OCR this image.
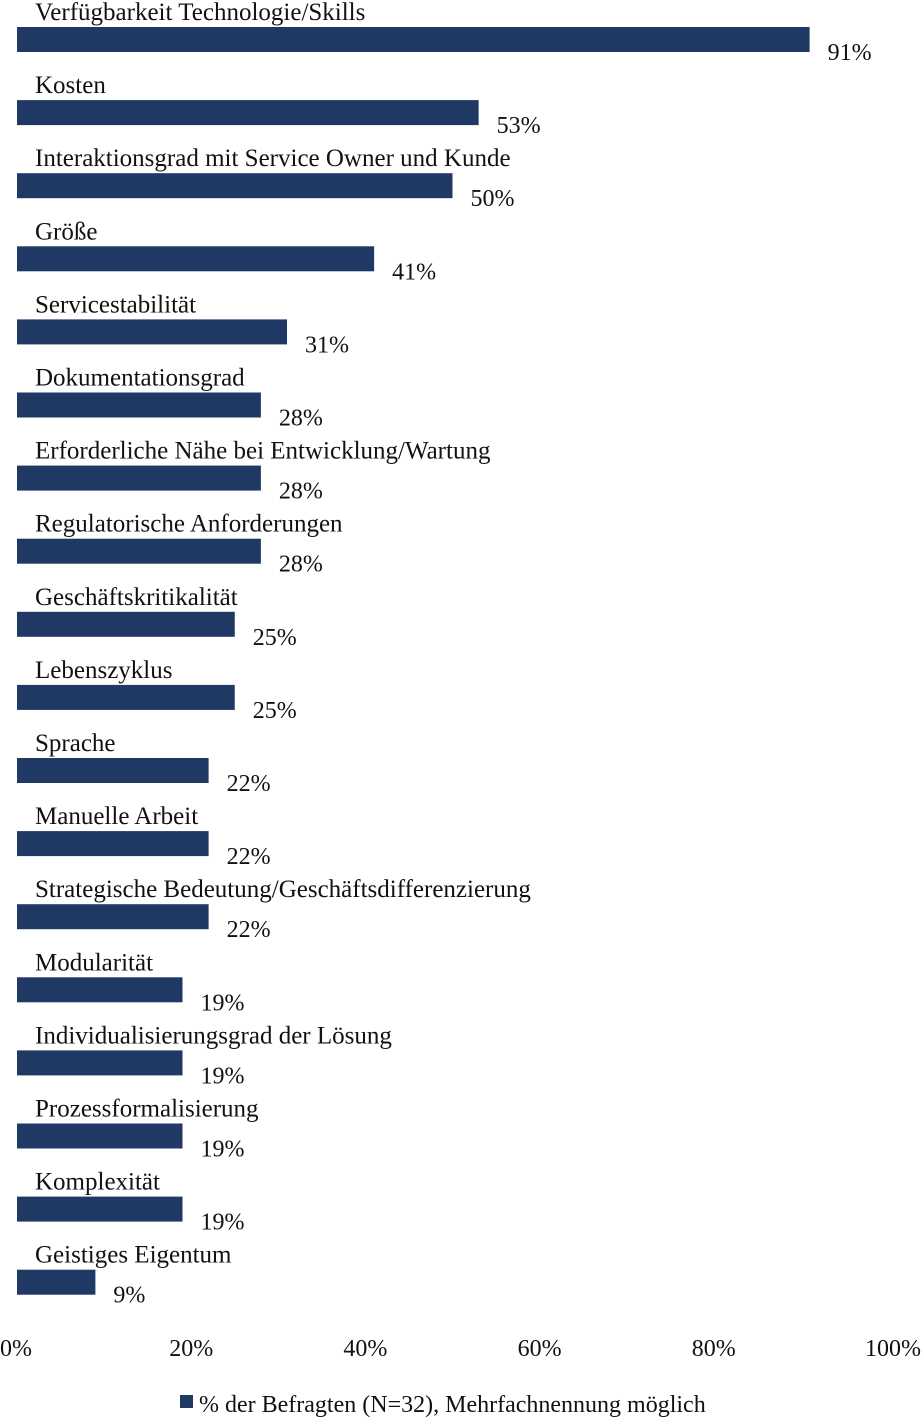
Verfügbarkeit Technologie/Skills
91%
Kosten
53%
Interaktionsgrad mit Service Owner und Kunde
50%
Größe
41%
Servicestabilität
31%
Dokumentationsgrad
28%
Erforderliche Nähe bei Entwicklung/Wartung
28%
Regulatorische Anforderungen
28%
Geschäftskritikalität
25%
Lebenszyklus
25%
Sprache
22%
Manuelle Arbeit
22%
Strategische Bedeutung/Geschäftsdifferenzierung
22%
Modularität
19%
Individualisierungsgrad der Lösung
19%
Prozessformalisierung
19%
Komplexität
19%
Geistiges Eigentum
9%
0%	20%	40%	60%	80%	100%
% der Befragten (N=32), Mehrfachnennung möglich
